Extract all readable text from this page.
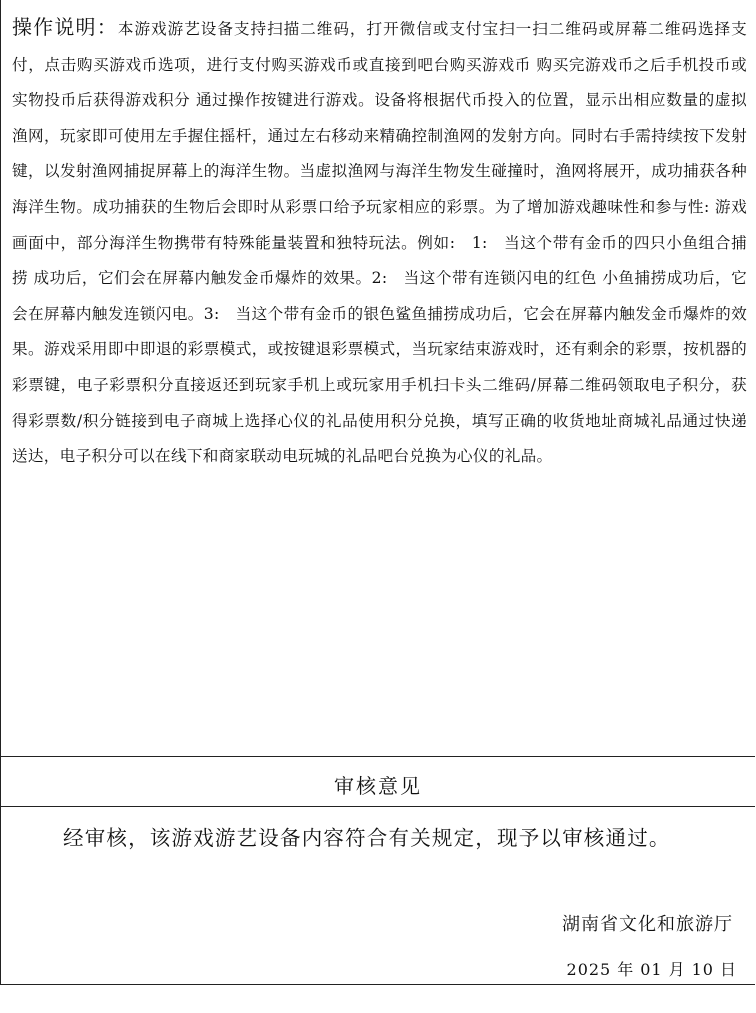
操作说明：本游戏游艺设备支持扫描二维码，打开微信或支付宝扫一扫二维码或屏幕二维码选择支付，点击购买游戏币选项，进行支付购买游戏币或直接到吧台购买游戏币 购买完游戏币之后手机投币或实物投币后获得游戏积分 通过操作按键进行游戏。设备将根据代币投入的位置，显示出相应数量的虚拟渔网，玩家即可使用左手握住摇杆，通过左右移动来精确控制渔网的发射方向。同时右手需持续按下发射键，以发射渔网捕捉屏幕上的海洋生物。当虚拟渔网与海洋生物发生碰撞时，渔网将展开，成功捕获各种海洋生物。成功捕获的生物后会即时从彩票口给予玩家相应的彩票。为了增加游戏趣味性和参与性: 游戏画面中，部分海洋生物携带有特殊能量装置和独特玩法。例如:　1:　当这个带有金币的四只小鱼组合捕捞 成功后，它们会在屏幕内触发金币爆炸的效果。2:　当这个带有连锁闪电的红色 小鱼捕捞成功后，它会在屏幕内触发连锁闪电。3:　当这个带有金币的银色鲨鱼捕捞成功后，它会在屏幕内触发金币爆炸的效果。游戏采用即中即退的彩票模式，或按键退彩票模式，当玩家结束游戏时，还有剩余的彩票，按机器的彩票键，电子彩票积分直接返还到玩家手机上或玩家用手机扫卡头二维码/屏幕二维码领取电子积分，获得彩票数/积分链接到电子商城上选择心仪的礼品使用积分兑换，填写正确的收货地址商城礼品通过快递送达，电子积分可以在线下和商家联动电玩城的礼品吧台兑换为心仪的礼品。

审核意见
经审核，该游戏游艺设备内容符合有关规定，现予以审核通过。
湖南省文化和旅游厅
2025 年 01 月 10 日
